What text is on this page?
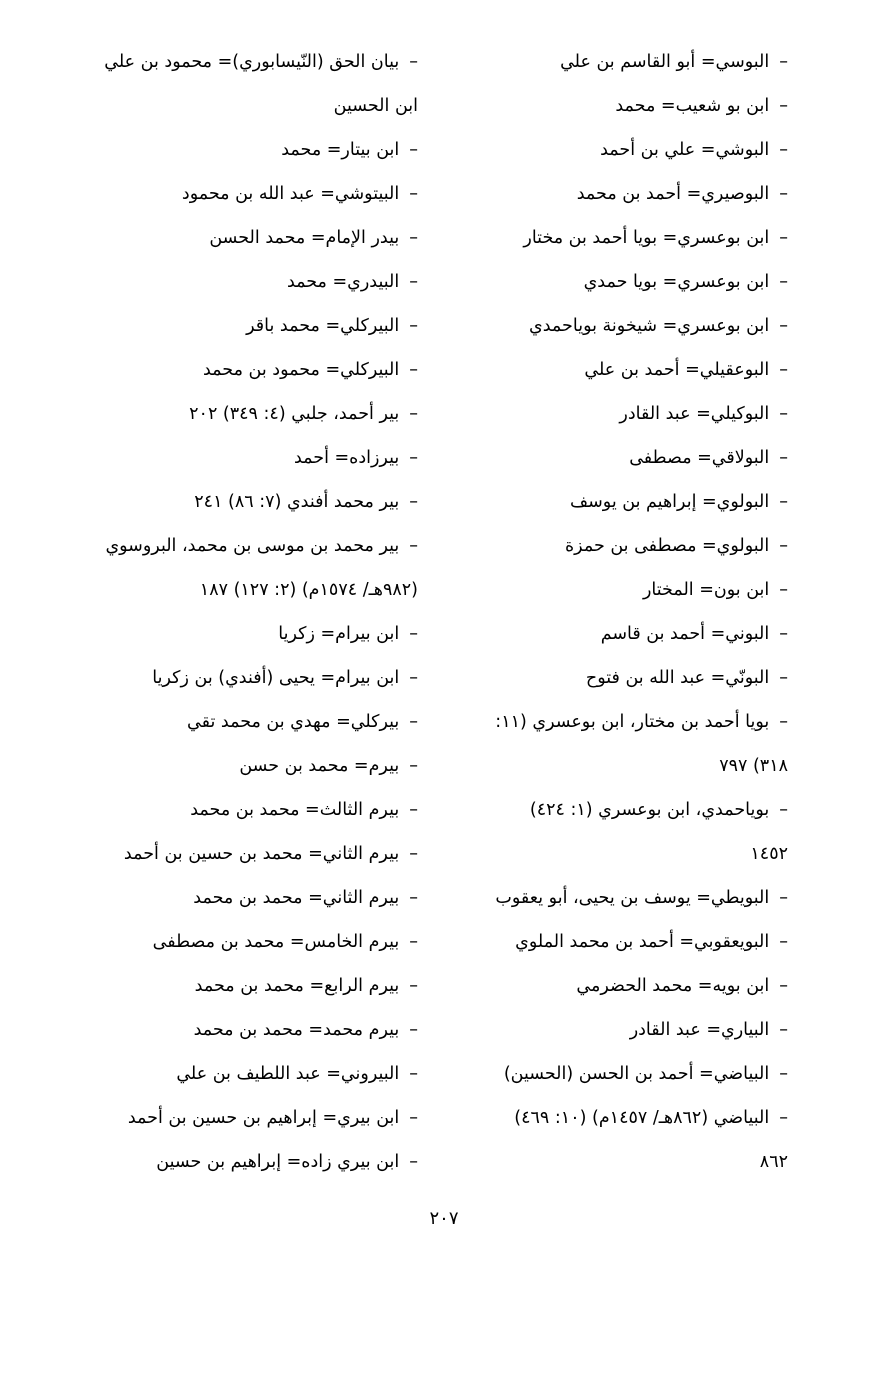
–البوسي= أبو القاسم بن علي
–ابن بو شعيب= محمد
–البوشي= علي بن أحمد
–البوصيري= أحمد بن محمد
–ابن بوعسري= بويا أحمد بن مختار
–ابن بوعسري= بويا حمدي
–ابن بوعسري= شيخونة بوياحمدي
–البوعقيلي= أحمد بن علي
–البوكيلي= عبد القادر
–البولاقي= مصطفى
–البولوي= إبراهيم بن يوسف
–البولوي= مصطفى بن حمزة
–ابن بون= المختار
–البوني= أحمد بن قاسم
–البونّي= عبد الله بن فتوح
–بويا أحمد بن مختار، ابن بوعسري (١١:
٣١٨) ٧٩٧
–بوياحمدي، ابن بوعسري (١: ٤٢٤)
١٤٥٢
–البويطي= يوسف بن يحيى، أبو يعقوب
–البويعقوبي= أحمد بن محمد الملوي
–ابن بويه= محمد الحضرمي
–البياري= عبد القادر
–البياضي= أحمد بن الحسن (الحسين)
–البياضي (٨٦٢هـ/ ١٤٥٧م) (١٠: ٤٦٩)
٨٦٢
–بيان الحق (النّيسابوري)= محمود بن علي
ابن الحسين
–ابن بيتار= محمد
–البيتوشي= عبد الله بن محمود
–بيدر الإمام= محمد الحسن
–البيدري= محمد
–البيركلي= محمد باقر
–البيركلي= محمود بن محمد
–بير أحمد، جلبي (٤: ٣٤٩) ٢٠٢
–بيرزاده= أحمد
–بير محمد أفندي (٧: ٨٦) ٢٤١
–بير محمد بن موسى بن محمد، البروسوي
(٩٨٢هـ/ ١٥٧٤م) (٢: ١٢٧) ١٨٧
–ابن بيرام= زكريا
–ابن بيرام= يحيى (أفندي) بن زكريا
–بيركلي= مهدي بن محمد تقي
–بيرم= محمد بن حسن
–بيرم الثالث= محمد بن محمد
–بيرم الثاني= محمد بن حسين بن أحمد
–بيرم الثاني= محمد بن محمد
–بيرم الخامس= محمد بن مصطفى
–بيرم الرابع= محمد بن محمد
–بيرم محمد= محمد بن محمد
–البيروني= عبد اللطيف بن علي
–ابن بيري= إبراهيم بن حسين بن أحمد
–ابن بيري زاده= إبراهيم بن حسين
٢٠٧
